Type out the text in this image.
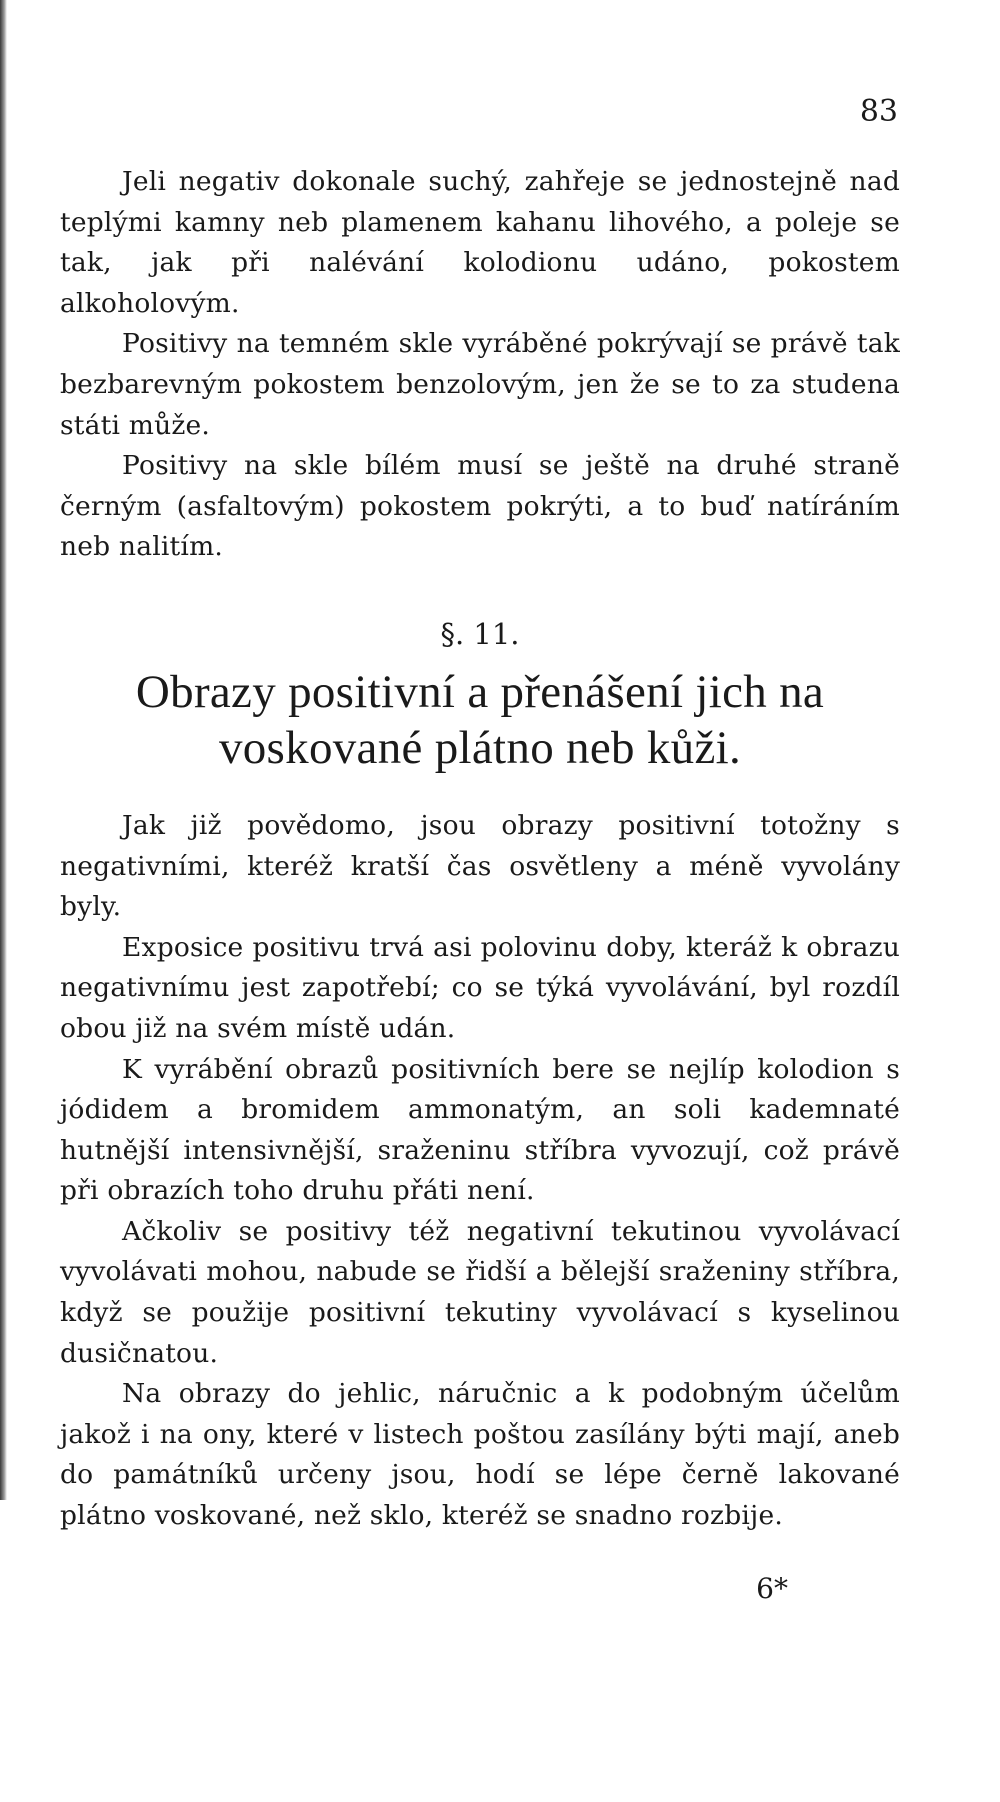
83

Jeli negativ dokonale suchý, zahřeje se jednostejně nad teplými kamny neb plamenem kahanu lihového, a poleje se tak, jak při nalévání kolodionu udáno, pokostem alkoholovým.

Positivy na temném skle vyráběné pokrývají se právě tak bezbarevným pokostem benzolovým, jen že se to za studena státi může.

Positivy na skle bílém musí se ještě na druhé straně černým (asfaltovým) pokostem pokrýti, a to buď natíráním neb nalitím.

§. 11.
Obrazy positivní a přenášení jich na voskované plátno neb kůži.

Jak již povědomo, jsou obrazy positivní totožny s negativními, kteréž kratší čas osvětleny a méně vyvolány byly.

Exposice positivu trvá asi polovinu doby, kteráž k obrazu negativnímu jest zapotřebí; co se týká vyvolávání, byl rozdíl obou již na svém místě udán.

K vyrábění obrazů positivních bere se nejlíp kolodion s jódidem a bromidem ammonatým, an soli kademnaté hutnější intensivnější, sraženinu stříbra vyvozují, což právě při obrazích toho druhu přáti není.

Ačkoliv se positivy též negativní tekutinou vyvolávací vyvolávati mohou, nabude se řidší a bělejší sraženiny stříbra, když se použije positivní tekutiny vyvolávací s kyselinou dusičnatou.

Na obrazy do jehlic, náručnic a k podobným účelům jakož i na ony, které v listech poštou zasílány býti mají, aneb do památníků určeny jsou, hodí se lépe černě lakované plátno voskované, než sklo, kteréž se snadno rozbije.

6*
